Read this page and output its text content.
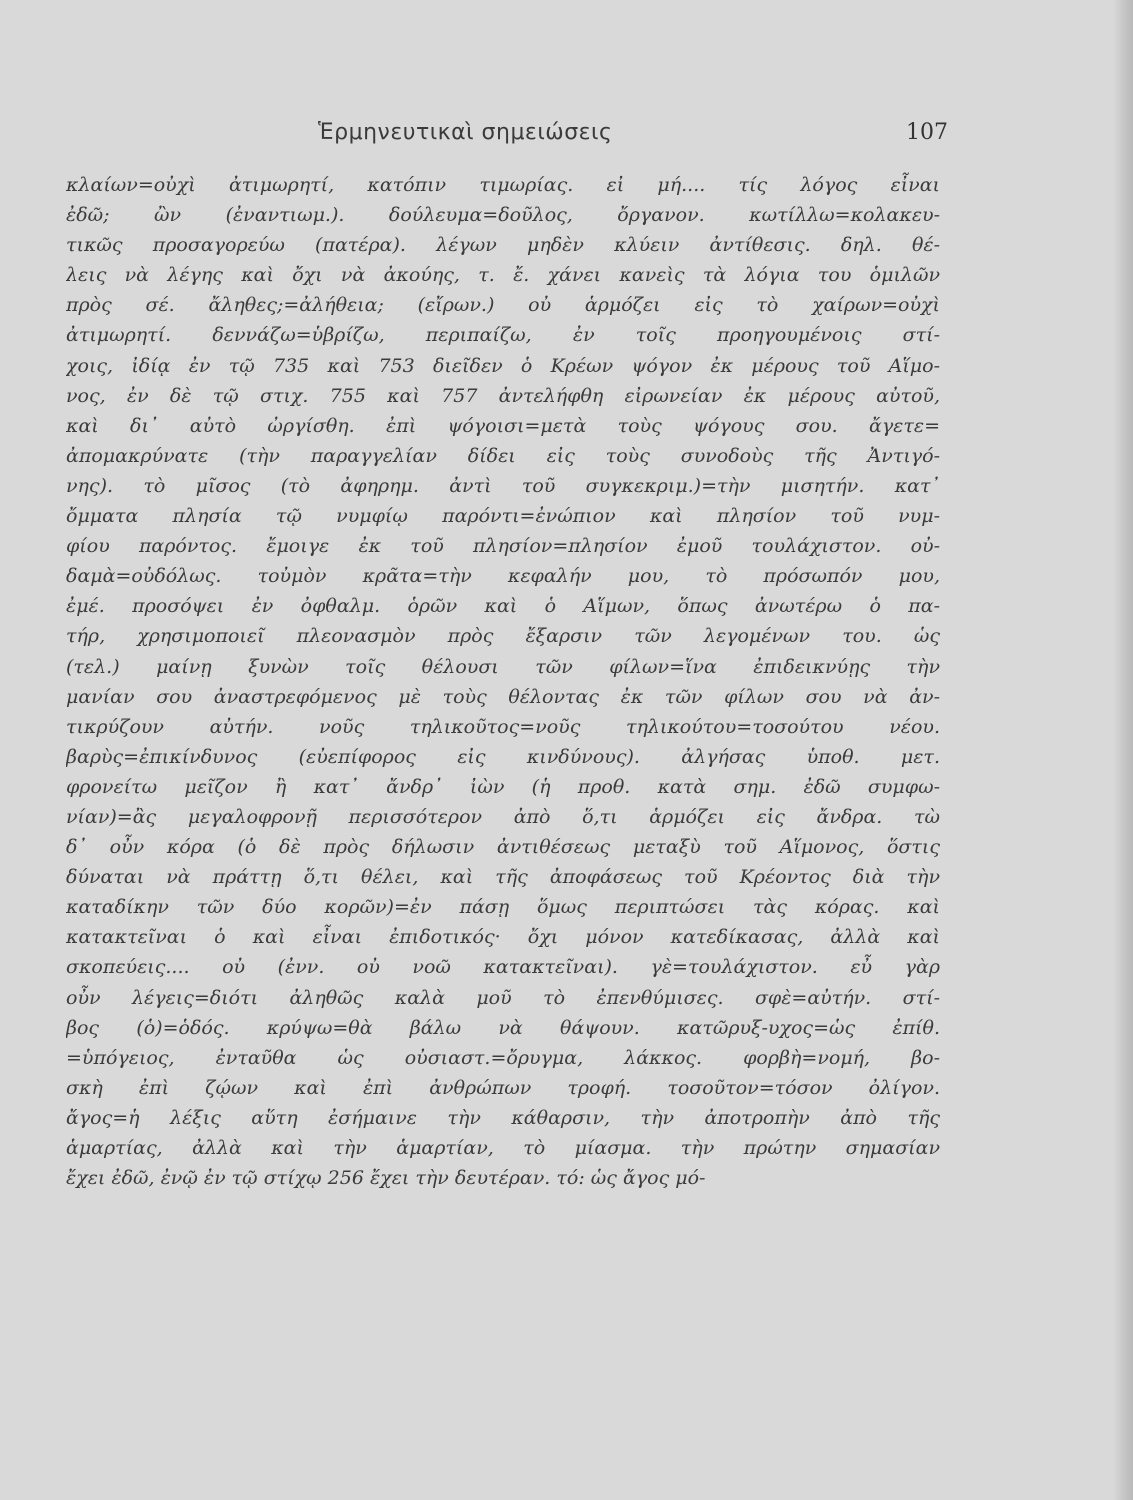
Ἑρμηνευτικαὶ σημειώσεις	107
κλαίων=οὐχὶ ἀτιμωρητί, κατόπιν τιμωρίας. εἰ μή.... τίς λόγος εἶναι
ἐδῶ; ὢν (ἐναντιωμ.). δούλευμα=δοῦλος, ὄργανον. κωτίλλω=κολακευ-
τικῶς προσαγορεύω (πατέρα). λέγων μηδὲν κλύειν ἀντίθεσις. δηλ. θέ-
λεις νὰ λέγης καὶ ὄχι νὰ ἀκούης, τ. ἔ. χάνει κανεὶς τὰ λόγια του ὁμιλῶν
πρὸς σέ. ἄληθες;=ἀλήθεια; (εἴρων.) οὐ ἁρμόζει εἰς τὸ χαίρων=οὐχὶ
ἀτιμωρητί. δεννάζω=ὑβρίζω, περιπαίζω, ἐν τοῖς προηγουμένοις στί-
χοις, ἰδίᾳ ἐν τῷ 735 καὶ 753 διεῖδεν ὁ Κρέων ψόγον ἐκ μέρους τοῦ Αἵμο-
νος, ἐν δὲ τῷ στιχ. 755 καὶ 757 ἀντελήφθη εἰρωνείαν ἐκ μέρους αὐτοῦ,
καὶ δι᾽ αὐτὸ ὠργίσθη. ἐπὶ ψόγοισι=μετὰ τοὺς ψόγους σου. ἄγετε=
ἀπομακρύνατε (τὴν παραγγελίαν δίδει εἰς τοὺς συνοδοὺς τῆς Ἀντιγό-
νης). τὸ μῖσος (τὸ ἀφηρημ. ἀντὶ τοῦ συγκεκριμ.)=τὴν μισητήν. κατ᾽
ὄμματα πλησία τῷ νυμφίῳ παρόντι=ἐνώπιον καὶ πλησίον τοῦ νυμ-
φίου παρόντος. ἔμοιγε ἐκ τοῦ πλησίον=πλησίον ἐμοῦ τουλάχιστον. οὐ-
δαμὰ=οὐδόλως. τοὐμὸν κρᾶτα=τὴν κεφαλήν μου, τὸ πρόσωπόν μου,
ἐμέ. προσόψει ἐν ὀφθαλμ. ὁρῶν καὶ ὁ Αἵμων, ὅπως ἀνωτέρω ὁ πα-
τήρ, χρησιμοποιεῖ πλεονασμὸν πρὸς ἔξαρσιν τῶν λεγομένων του. ὡς
(τελ.) μαίνῃ ξυνὼν τοῖς θέλουσι τῶν φίλων=ἵνα ἐπιδεικνύῃς τὴν
μανίαν σου ἀναστρεφόμενος μὲ τοὺς θέλοντας ἐκ τῶν φίλων σου νὰ ἀν-
τικρύζουν αὐτήν. νοῦς τηλικοῦτος=νοῦς τηλικούτου=τοσούτου νέου.
βαρὺς=ἐπικίνδυνος (εὐεπίφορος εἰς κινδύνους). ἀλγήσας ὑποθ. μετ.
φρονείτω μεῖζον ἢ κατ᾽ ἄνδρ᾽ ἰὼν (ἡ προθ. κατὰ σημ. ἐδῶ συμφω-
νίαν)=ἂς μεγαλοφρονῇ περισσότερον ἀπὸ ὅ,τι ἁρμόζει εἰς ἄνδρα. τὼ
δ᾽ οὖν κόρα (ὁ δὲ πρὸς δήλωσιν ἀντιθέσεως μεταξὺ τοῦ Αἵμονος, ὅστις
δύναται νὰ πράττῃ ὅ,τι θέλει, καὶ τῆς ἀποφάσεως τοῦ Κρέοντος διὰ τὴν
καταδίκην τῶν δύο κορῶν)=ἐν πάσῃ ὅμως περιπτώσει τὰς κόρας. καὶ
κατακτεῖναι ὁ καὶ εἶναι ἐπιδοτικός· ὄχι μόνον κατεδίκασας, ἀλλὰ καὶ
σκοπεύεις.... οὐ (ἐνν. οὐ νοῶ κατακτεῖναι). γὲ=τουλάχιστον. εὖ γὰρ
οὖν λέγεις=διότι ἀληθῶς καλὰ μοῦ τὸ ἐπενθύμισες. σφὲ=αὐτήν. στί-
βος (ὁ)=ὁδός. κρύψω=θὰ βάλω νὰ θάψουν. κατῶρυξ-υχος=ὡς ἐπίθ.
=ὑπόγειος, ἐνταῦθα ὡς οὐσιαστ.=ὄρυγμα, λάκκος. φορβὴ=νομή, βο-
σκὴ ἐπὶ ζῴων καὶ ἐπὶ ἀνθρώπων τροφή. τοσοῦτον=τόσον ὀλίγον.
ἄγος=ἡ λέξις αὕτη ἐσήμαινε τὴν κάθαρσιν, τὴν ἀποτροπὴν ἀπὸ τῆς
ἁμαρτίας, ἀλλὰ καὶ τὴν ἁμαρτίαν, τὸ μίασμα. τὴν πρώτην σημασίαν
ἔχει ἐδῶ, ἐνῷ ἐν τῷ στίχῳ 256 ἔχει τὴν δευτέραν. τό: ὡς ἄγος μό-
